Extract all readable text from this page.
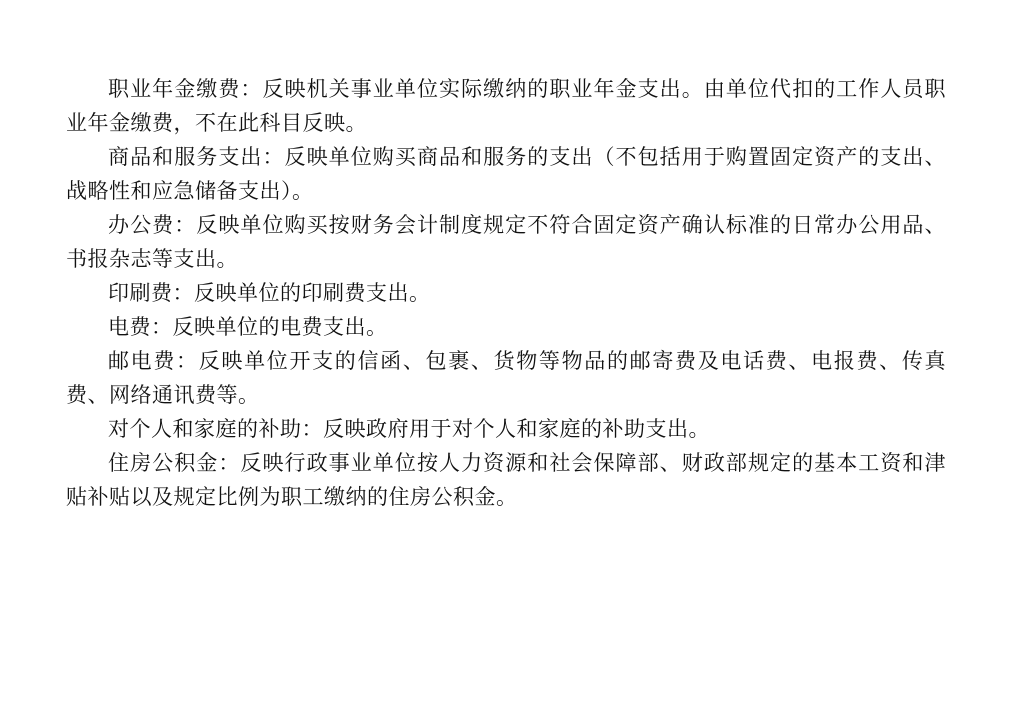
职业年金缴费：反映机关事业单位实际缴纳的职业年金支出。由单位代扣的工作人员职业年金缴费，不在此科目反映。

商品和服务支出：反映单位购买商品和服务的支出（不包括用于购置固定资产的支出、战略性和应急储备支出）。

办公费：反映单位购买按财务会计制度规定不符合固定资产确认标准的日常办公用品、书报杂志等支出。

印刷费：反映单位的印刷费支出。

电费：反映单位的电费支出。

邮电费：反映单位开支的信函、包裹、货物等物品的邮寄费及电话费、电报费、传真费、网络通讯费等。

对个人和家庭的补助：反映政府用于对个人和家庭的补助支出。

住房公积金：反映行政事业单位按人力资源和社会保障部、财政部规定的基本工资和津贴补贴以及规定比例为职工缴纳的住房公积金。
